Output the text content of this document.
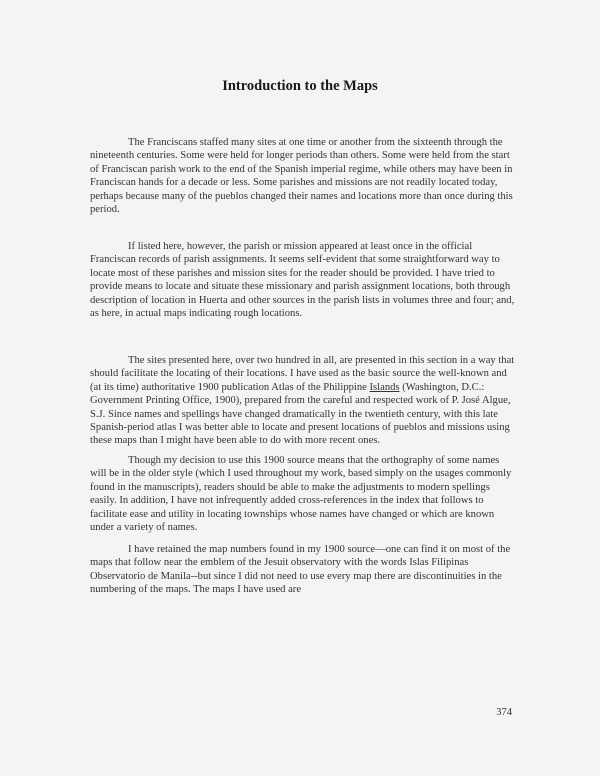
Introduction to the Maps

The Franciscans staffed many sites at one time or another from the sixteenth through the nineteenth centuries. Some were held for longer periods than others. Some were held from the start of Franciscan parish work to the end of the Spanish imperial regime, while others may have been in Franciscan hands for a decade or less. Some parishes and missions are not readily located today, perhaps because many of the pueblos changed their names and locations more than once during this period.

If listed here, however, the parish or mission appeared at least once in the official Franciscan records of parish assignments. It seems self-evident that some straightforward way to locate most of these parishes and mission sites for the reader should be provided. I have tried to provide means to locate and situate these missionary and parish assignment locations, both through description of location in Huerta and other sources in the parish lists in volumes three and four; and, as here, in actual maps indicating rough locations.

The sites presented here, over two hundred in all, are presented in this section in a way that should facilitate the locating of their locations. I have used as the basic source the well-known and (at its time) authoritative 1900 publication Atlas of the Philippine Islands (Washington, D.C.: Government Printing Office, 1900), prepared from the careful and respected work of P. José Algue, S.J. Since names and spellings have changed dramatically in the twentieth century, with this late Spanish-period atlas I was better able to locate and present locations of pueblos and missions using these maps than I might have been able to do with more recent ones.

Though my decision to use this 1900 source means that the orthography of some names will be in the older style (which I used throughout my work, based simply on the usages commonly found in the manuscripts), readers should be able to make the adjustments to modern spellings easily. In addition, I have not infrequently added cross-references in the index that follows to facilitate ease and utility in locating townships whose names have changed or which are known under a variety of names.

I have retained the map numbers found in my 1900 source—one can find it on most of the maps that follow near the emblem of the Jesuit observatory with the words Islas Filipinas Observatorio de Manila--but since I did not need to use every map there are discontinuities in the numbering of the maps. The maps I have used are

374
